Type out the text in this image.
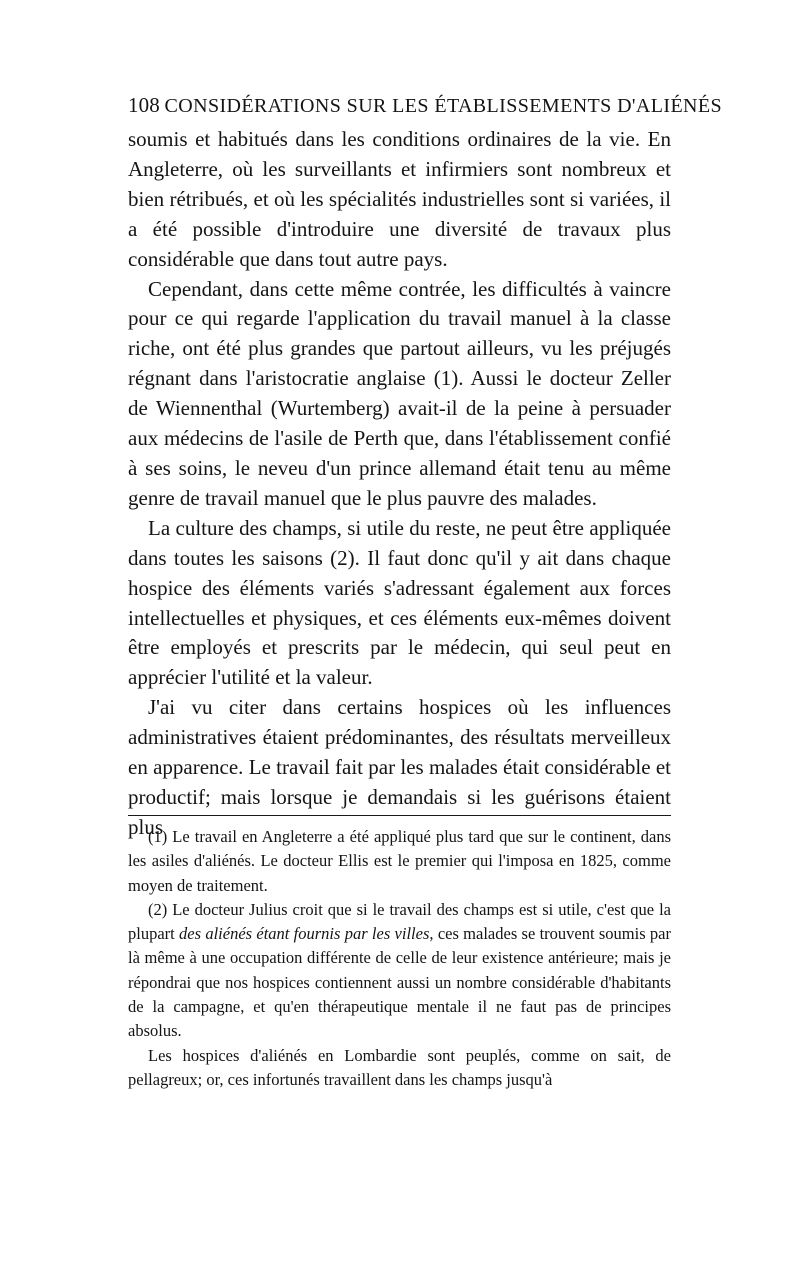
108 CONSIDÉRATIONS SUR LES ÉTABLISSEMENTS D'ALIÉNÉS

soumis et habitués dans les conditions ordinaires de la vie. En Angleterre, où les surveillants et infirmiers sont nombreux et bien rétribués, et où les spécialités industrielles sont si variées, il a été possible d'introduire une diversité de travaux plus considérable que dans tout autre pays.

Cependant, dans cette même contrée, les difficultés à vaincre pour ce qui regarde l'application du travail manuel à la classe riche, ont été plus grandes que partout ailleurs, vu les préjugés régnant dans l'aristocratie anglaise (1). Aussi le docteur Zeller de Wiennenthal (Wurtemberg) avait-il de la peine à persuader aux médecins de l'asile de Perth que, dans l'établissement confié à ses soins, le neveu d'un prince allemand était tenu au même genre de travail manuel que le plus pauvre des malades.

La culture des champs, si utile du reste, ne peut être appliquée dans toutes les saisons (2). Il faut donc qu'il y ait dans chaque hospice des éléments variés s'adressant également aux forces intellectuelles et physiques, et ces éléments eux-mêmes doivent être employés et prescrits par le médecin, qui seul peut en apprécier l'utilité et la valeur.

J'ai vu citer dans certains hospices où les influences administratives étaient prédominantes, des résultats merveilleux en apparence. Le travail fait par les malades était considérable et productif; mais lorsque je demandais si les guérisons étaient plus

(1) Le travail en Angleterre a été appliqué plus tard que sur le continent, dans les asiles d'aliénés. Le docteur Ellis est le premier qui l'imposa en 1825, comme moyen de traitement.

(2) Le docteur Julius croit que si le travail des champs est si utile, c'est que la plupart des aliénés étant fournis par les villes, ces malades se trouvent soumis par là même à une occupation différente de celle de leur existence antérieure; mais je répondrai que nos hospices contiennent aussi un nombre considérable d'habitants de la campagne, et qu'en thérapeutique mentale il ne faut pas de principes absolus.

Les hospices d'aliénés en Lombardie sont peuplés, comme on sait, de pellagreux; or, ces infortunés travaillent dans les champs jusqu'à
